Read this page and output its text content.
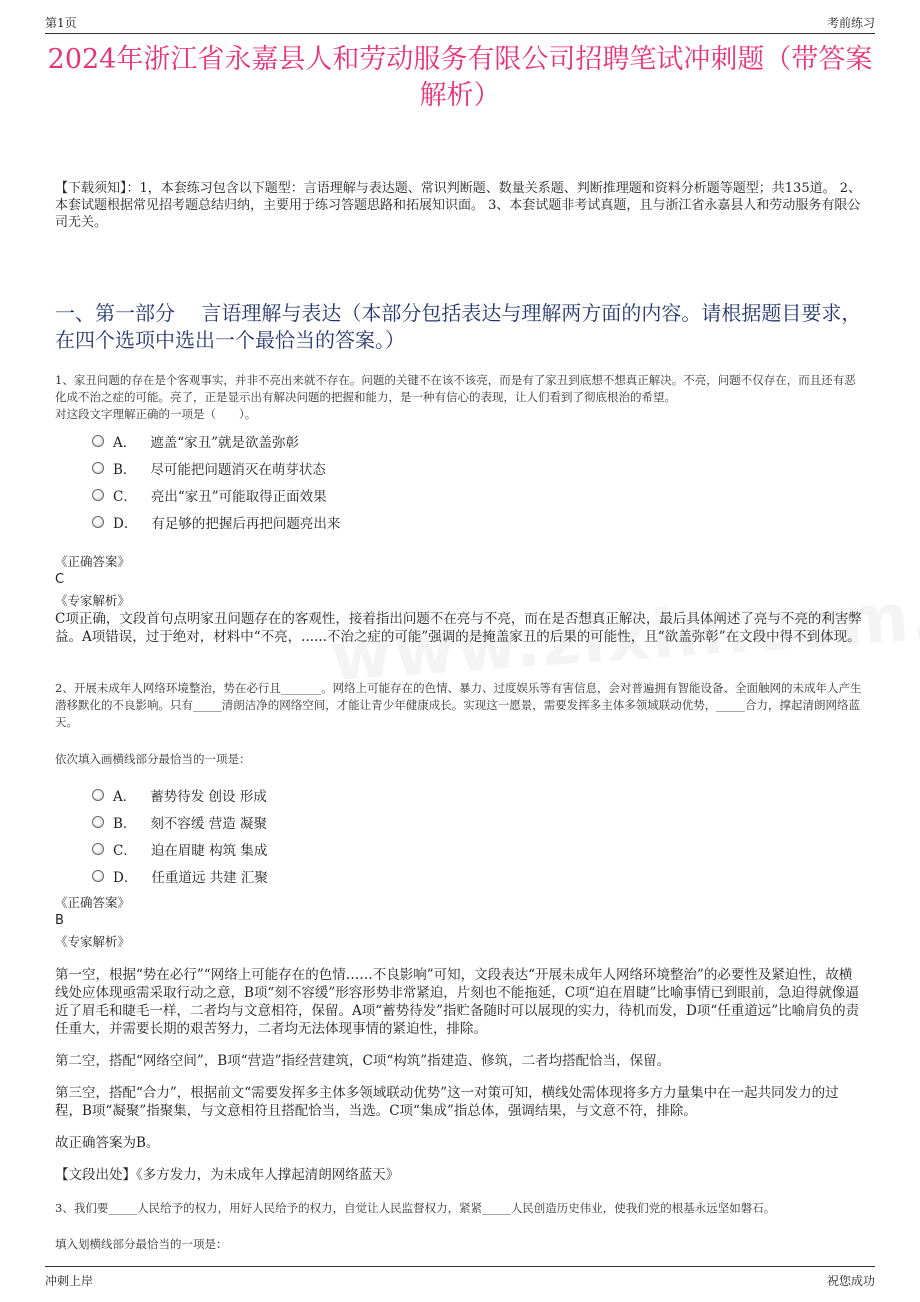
第1页	考前练习
2024年浙江省永嘉县人和劳动服务有限公司招聘笔试冲刺题（带答案解析）
【下载须知】：1，本套练习包含以下题型：言语理解与表达题、常识判断题、数量关系题、判断推理题和资料分析题等题型；共135道。 2、本套试题根据常见招考题总结归纳，主要用于练习答题思路和拓展知识面。 3、本套试题非考试真题，且与浙江省永嘉县人和劳动服务有限公司无关。
一、第一部分　 言语理解与表达（本部分包括表达与理解两方面的内容。请根据题目要求，在四个选项中选出一个最恰当的答案。）

1、家丑问题的存在是个客观事实，并非不亮出来就不存在。问题的关键不在该不该亮，而是有了家丑到底想不想真正解决。不亮，问题不仅存在，而且还有恶化成不治之症的可能。亮了，正是显示出有解决问题的把握和能力，是一种有信心的表现，让人们看到了彻底根治的希望。

对这段文字理解正确的一项是（　　）。

A． 遮盖“家丑”就是欲盖弥彰
B． 尽可能把问题消灭在萌芽状态
C． 亮出“家丑”可能取得正面效果
D． 有足够的把握后再把问题亮出来
《正确答案》
C
《专家解析》

C项正确，文段首句点明家丑问题存在的客观性，接着指出问题不在亮与不亮，而在是否想真正解决，最后具体阐述了亮与不亮的利害弊益。A项错误，过于绝对，材料中“不亮，......不治之症的可能”强调的是掩盖家丑的后果的可能性，且“欲盖弥彰”在文段中得不到体现。

2、开展未成年人网络环境整治，势在必行且_______。网络上可能存在的色情、暴力、过度娱乐等有害信息，会对普遍拥有智能设备、全面触网的未成年人产生潜移默化的不良影响。只有_____清朗洁净的网络空间，才能让青少年健康成长。实现这一愿景，需要发挥多主体多领域联动优势，_____合力，撑起清朗网络蓝天。

依次填入画横线部分最恰当的一项是：
A． 蓄势待发 创设 形成
B． 刻不容缓 营造 凝聚
C． 迫在眉睫 构筑 集成
D． 任重道远 共建 汇聚
《正确答案》
B
《专家解析》

第一空，根据“势在必行”“网络上可能存在的色情……不良影响”可知，文段表达“开展未成年人网络环境整治”的必要性及紧迫性，故横线处应体现亟需采取行动之意，B项“刻不容缓”形容形势非常紧迫，片刻也不能拖延，C项“迫在眉睫”比喻事情已到眼前，急迫得就像逼近了眉毛和睫毛一样，二者均与文意相符，保留。A项“蓄势待发”指贮备随时可以展现的实力，待机而发，D项“任重道远”比喻肩负的责任重大，并需要长期的艰苦努力，二者均无法体现事情的紧迫性，排除。

第二空，搭配“网络空间”，B项“营造”指经营建筑，C项“构筑”指建造、修筑，二者均搭配恰当，保留。

第三空，搭配“合力”，根据前文“需要发挥多主体多领域联动优势”这一对策可知，横线处需体现将多方力量集中在一起共同发力的过程，B项“凝聚”指聚集，与文意相符且搭配恰当，当选。C项“集成”指总体，强调结果，与文意不符，排除。

故正确答案为B。

【文段出处】《多方发力，为未成年人撑起清朗网络蓝天》

3、我们要_____人民给予的权力，用好人民给予的权力，自觉让人民监督权力，紧紧_____人民创造历史伟业，使我们党的根基永远坚如磐石。
填入划横线部分最恰当的一项是：
冲刺上岸	祝您成功
